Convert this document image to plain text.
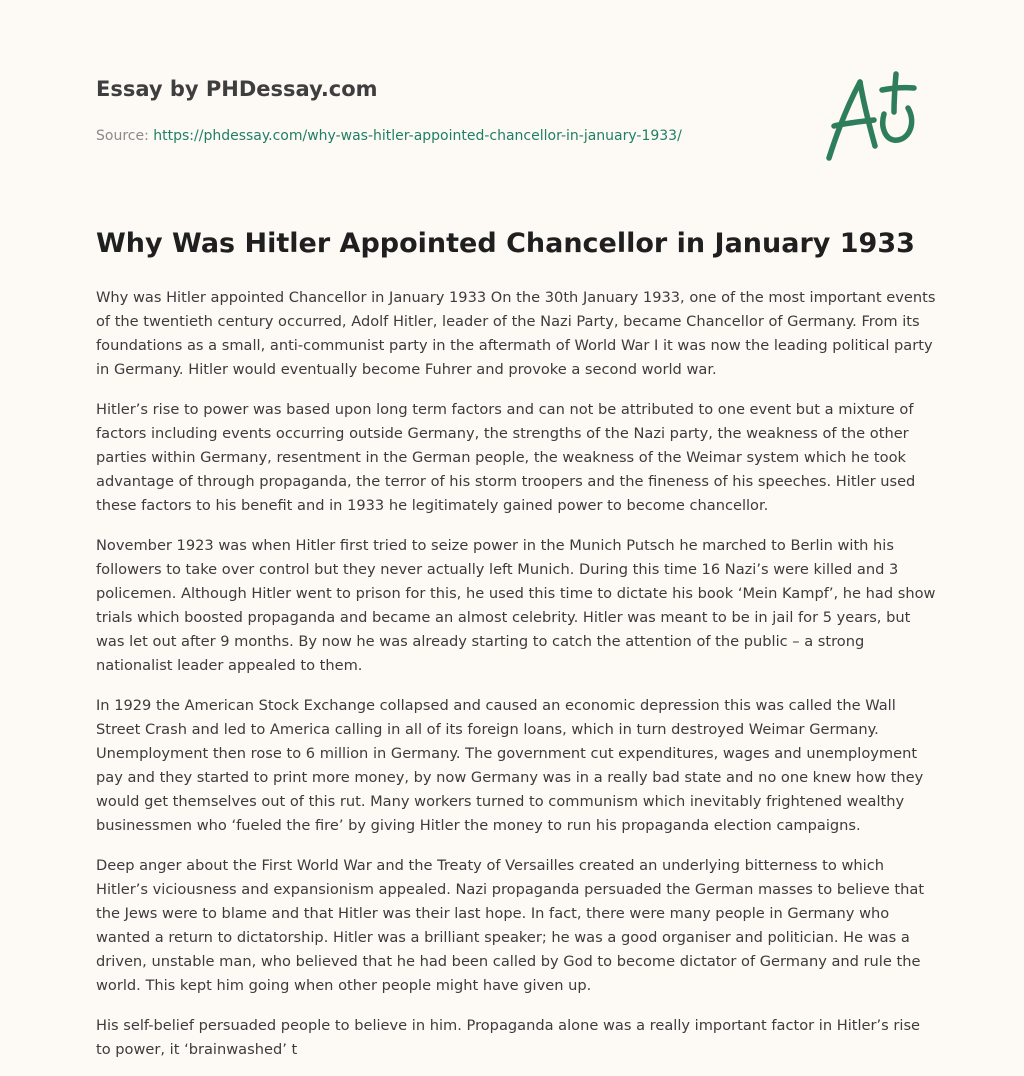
Essay by PHDessay.com
Source: https://phdessay.com/why-was-hitler-appointed-chancellor-in-january-1933/
Why Was Hitler Appointed Chancellor in January 1933

Why was Hitler appointed Chancellor in January 1933 On the 30th January 1933, one of the most important events of the twentieth century occurred, Adolf Hitler, leader of the Nazi Party, became Chancellor of Germany. From its foundations as a small, anti-communist party in the aftermath of World War I it was now the leading political party in Germany. Hitler would eventually become Fuhrer and provoke a second world war.

Hitler’s rise to power was based upon long term factors and can not be attributed to one event but a mixture of factors including events occurring outside Germany, the strengths of the Nazi party, the weakness of the other parties within Germany, resentment in the German people, the weakness of the Weimar system which he took advantage of through propaganda, the terror of his storm troopers and the fineness of his speeches. Hitler used these factors to his benefit and in 1933 he legitimately gained power to become chancellor.

November 1923 was when Hitler first tried to seize power in the Munich Putsch he marched to Berlin with his followers to take over control but they never actually left Munich. During this time 16 Nazi’s were killed and 3 policemen. Although Hitler went to prison for this, he used this time to dictate his book ‘Mein Kampf’, he had show trials which boosted propaganda and became an almost celebrity. Hitler was meant to be in jail for 5 years, but was let out after 9 months. By now he was already starting to catch the attention of the public – a strong nationalist leader appealed to them.

In 1929 the American Stock Exchange collapsed and caused an economic depression this was called the Wall Street Crash and led to America calling in all of its foreign loans, which in turn destroyed Weimar Germany. Unemployment then rose to 6 million in Germany. The government cut expenditures, wages and unemployment pay and they started to print more money, by now Germany was in a really bad state and no one knew how they would get themselves out of this rut. Many workers turned to communism which inevitably frightened wealthy businessmen who ‘fueled the fire’ by giving Hitler the money to run his propaganda election campaigns.

Deep anger about the First World War and the Treaty of Versailles created an underlying bitterness to which Hitler’s viciousness and expansionism appealed. Nazi propaganda persuaded the German masses to believe that the Jews were to blame and that Hitler was their last hope. In fact, there were many people in Germany who wanted a return to dictatorship. Hitler was a brilliant speaker; he was a good organiser and politician. He was a driven, unstable man, who believed that he had been called by God to become dictator of Germany and rule the world. This kept him going when other people might have given up.

His self-belief persuaded people to believe in him. Propaganda alone was a really important factor in Hitler’s rise to power, it ‘brainwashed’ t
